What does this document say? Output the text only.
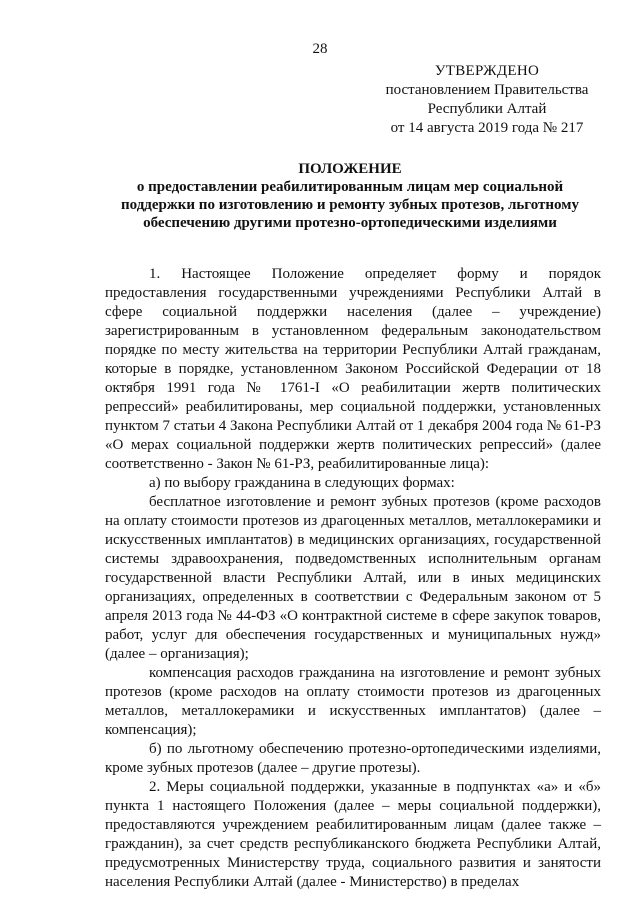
28
УТВЕРЖДЕНО
постановлением Правительства
Республики Алтай
от 14 августа 2019 года № 217
ПОЛОЖЕНИЕ
о предоставлении реабилитированным лицам мер социальной
поддержки по изготовлению и ремонту зубных протезов, льготному
обеспечению другими протезно-ортопедическими изделиями

1. Настоящее Положение определяет форму и порядок предоставления государственными учреждениями Республики Алтай в сфере социальной поддержки населения (далее – учреждение) зарегистрированным в установленном федеральным законодательством порядке по месту жительства на территории Республики Алтай гражданам, которые в порядке, установленном Законом Российской Федерации от 18 октября 1991 года № 1761-I «О реабилитации жертв политических репрессий» реабилитированы, мер социальной поддержки, установленных пунктом 7 статьи 4 Закона Республики Алтай от 1 декабря 2004 года № 61-РЗ «О мерах социальной поддержки жертв политических репрессий» (далее соответственно - Закон № 61-РЗ, реабилитированные лица):

а) по выбору гражданина в следующих формах:

бесплатное изготовление и ремонт зубных протезов (кроме расходов на оплату стоимости протезов из драгоценных металлов, металлокерамики и искусственных имплантатов) в медицинских организациях, государственной системы здравоохранения, подведомственных исполнительным органам государственной власти Республики Алтай, или в иных медицинских организациях, определенных в соответствии с Федеральным законом от 5 апреля 2013 года № 44-ФЗ «О контрактной системе в сфере закупок товаров, работ, услуг для обеспечения государственных и муниципальных нужд» (далее – организация);

компенсация расходов гражданина на изготовление и ремонт зубных протезов (кроме расходов на оплату стоимости протезов из драгоценных металлов, металлокерамики и искусственных имплантатов) (далее – компенсация);

б) по льготному обеспечению протезно-ортопедическими изделиями, кроме зубных протезов (далее – другие протезы).

2. Меры социальной поддержки, указанные в подпунктах «а» и «б» пункта 1 настоящего Положения (далее – меры социальной поддержки), предоставляются учреждением реабилитированным лицам (далее также – гражданин), за счет средств республиканского бюджета Республики Алтай, предусмотренных Министерству труда, социального развития и занятости населения Республики Алтай (далее - Министерство) в пределах
